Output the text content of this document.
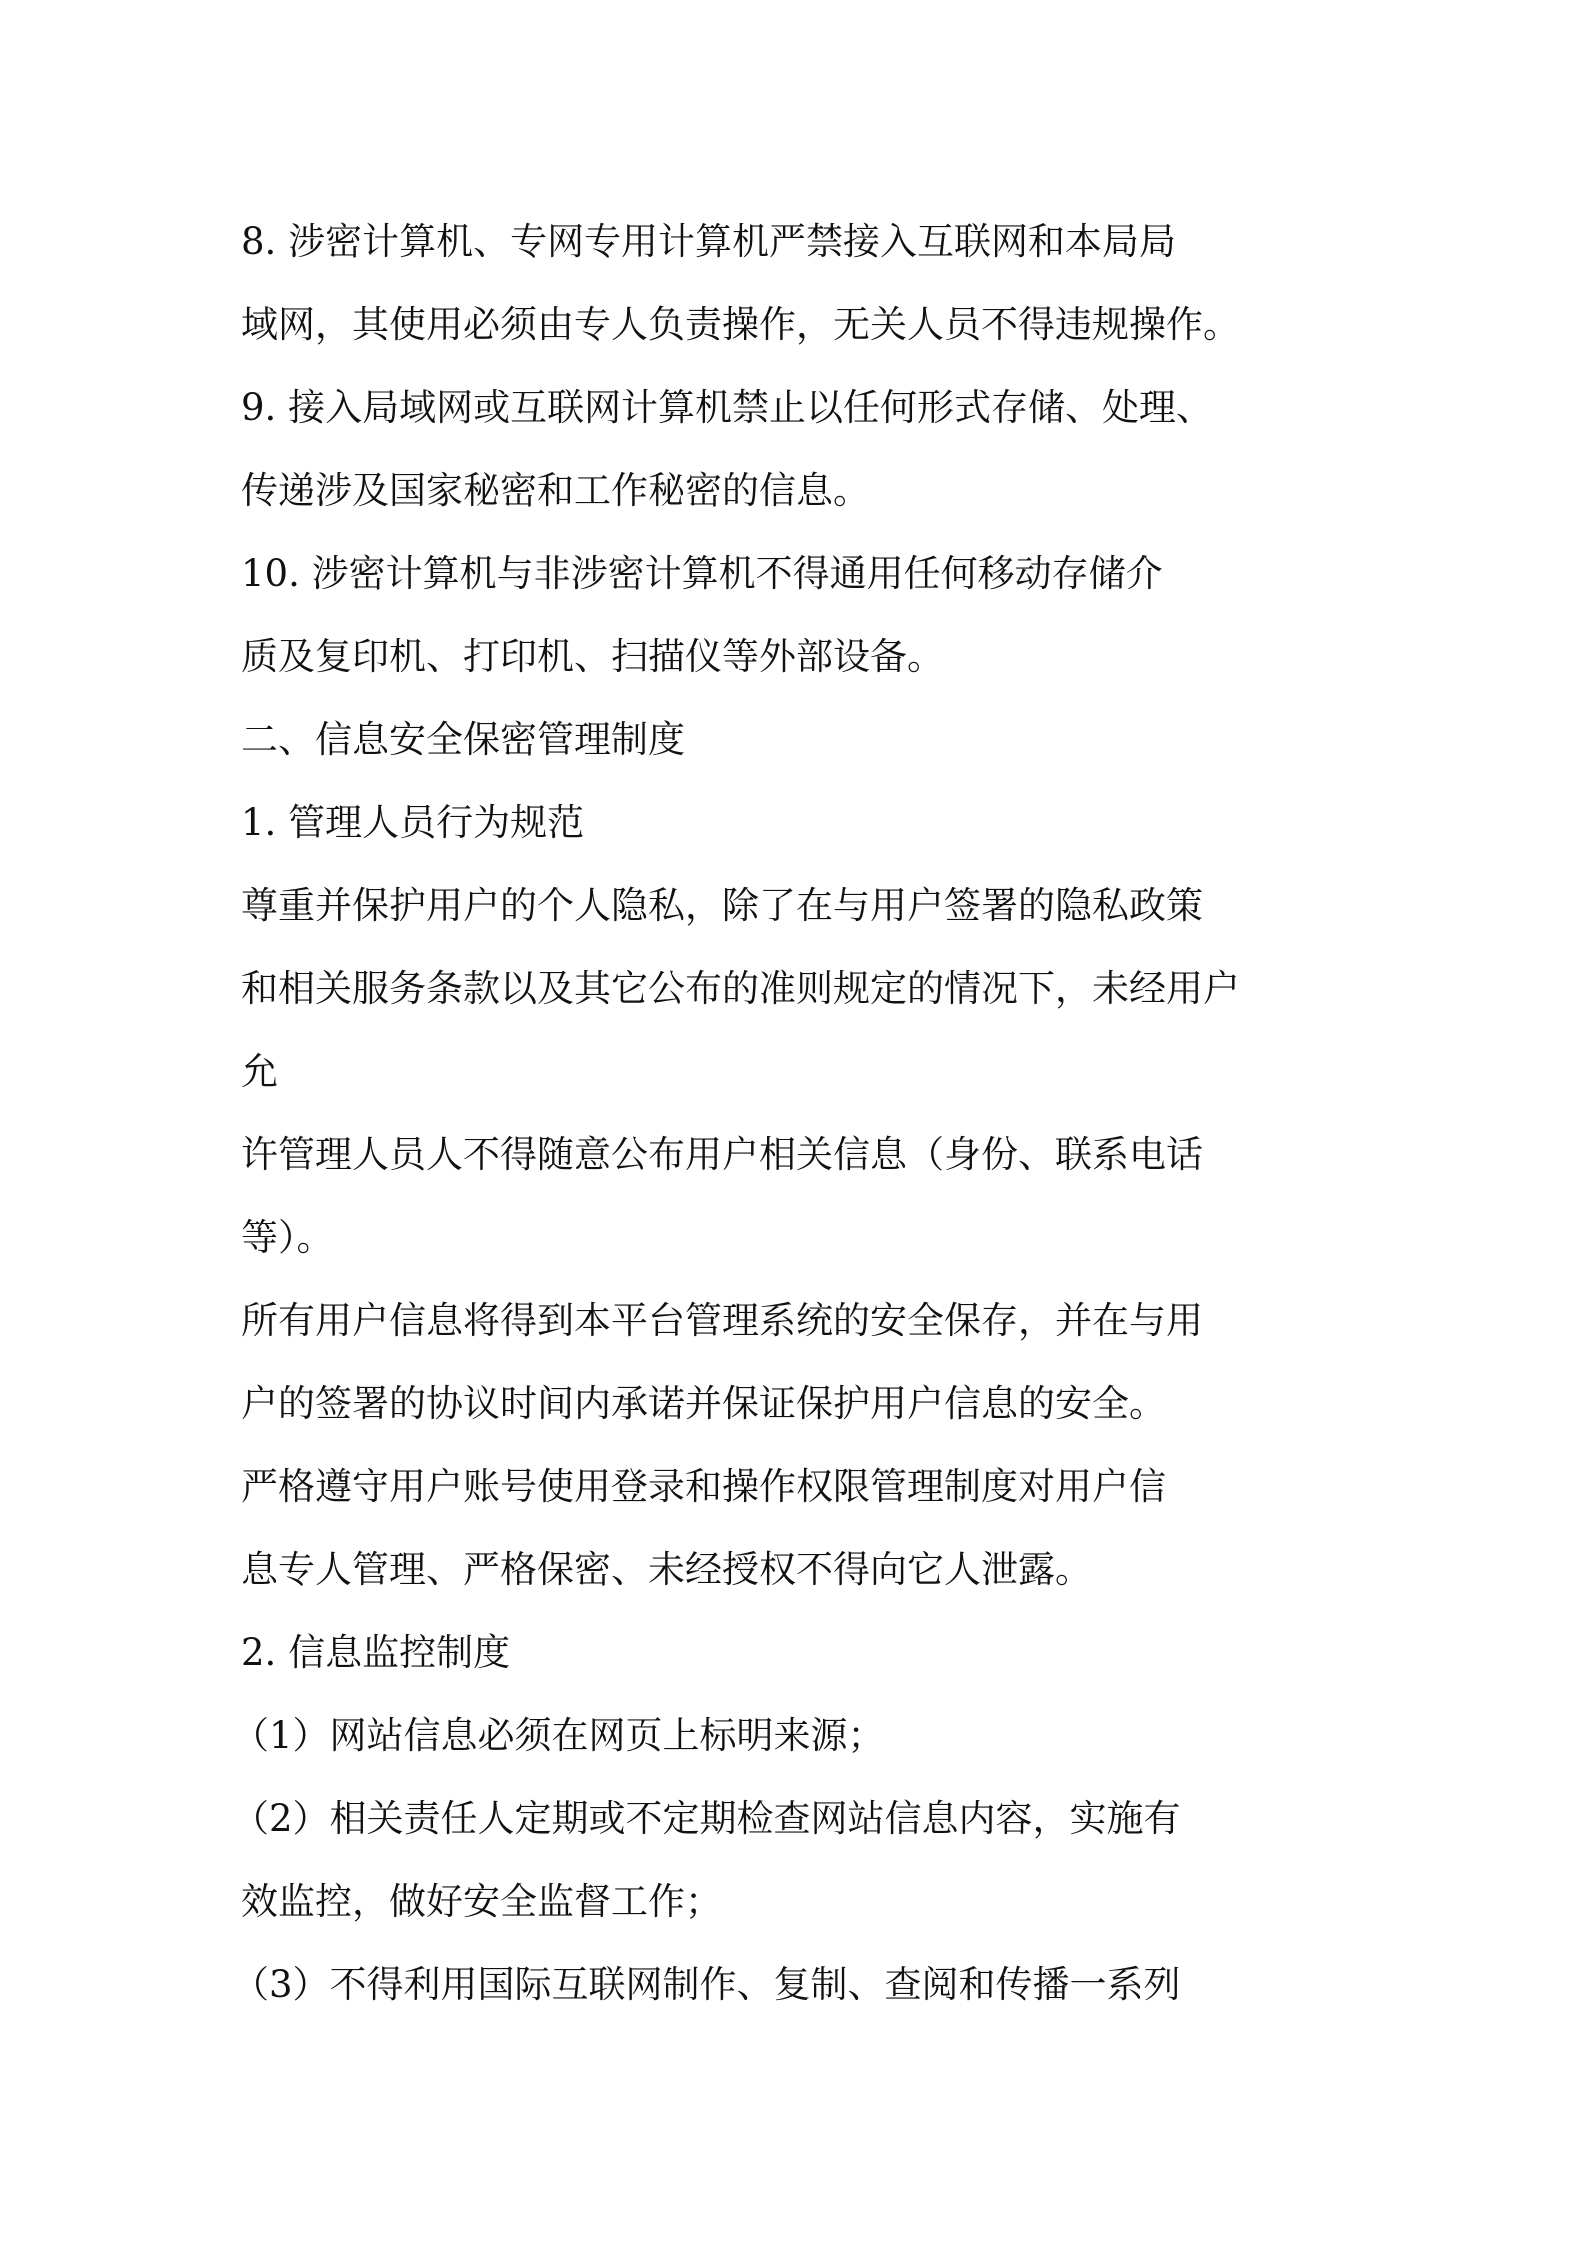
8. 涉密计算机、专网专用计算机严禁接入互联网和本局局
域网，其使用必须由专人负责操作，无关人员不得违规操作。
9. 接入局域网或互联网计算机禁止以任何形式存储、处理、
传递涉及国家秘密和工作秘密的信息。
10. 涉密计算机与非涉密计算机不得通用任何移动存储介
质及复印机、打印机、扫描仪等外部设备。
二、信息安全保密管理制度
1. 管理人员行为规范
尊重并保护用户的个人隐私，除了在与用户签署的隐私政策
和相关服务条款以及其它公布的准则规定的情况下，未经用户
允
许管理人员人不得随意公布用户相关信息（身份、联系电话
等）。
所有用户信息将得到本平台管理系统的安全保存，并在与用
户的签署的协议时间内承诺并保证保护用户信息的安全。
严格遵守用户账号使用登录和操作权限管理制度对用户信
息专人管理、严格保密、未经授权不得向它人泄露。
2. 信息监控制度
（1）网站信息必须在网页上标明来源；
（2）相关责任人定期或不定期检查网站信息内容，实施有
效监控，做好安全监督工作；
（3）不得利用国际互联网制作、复制、查阅和传播一系列
